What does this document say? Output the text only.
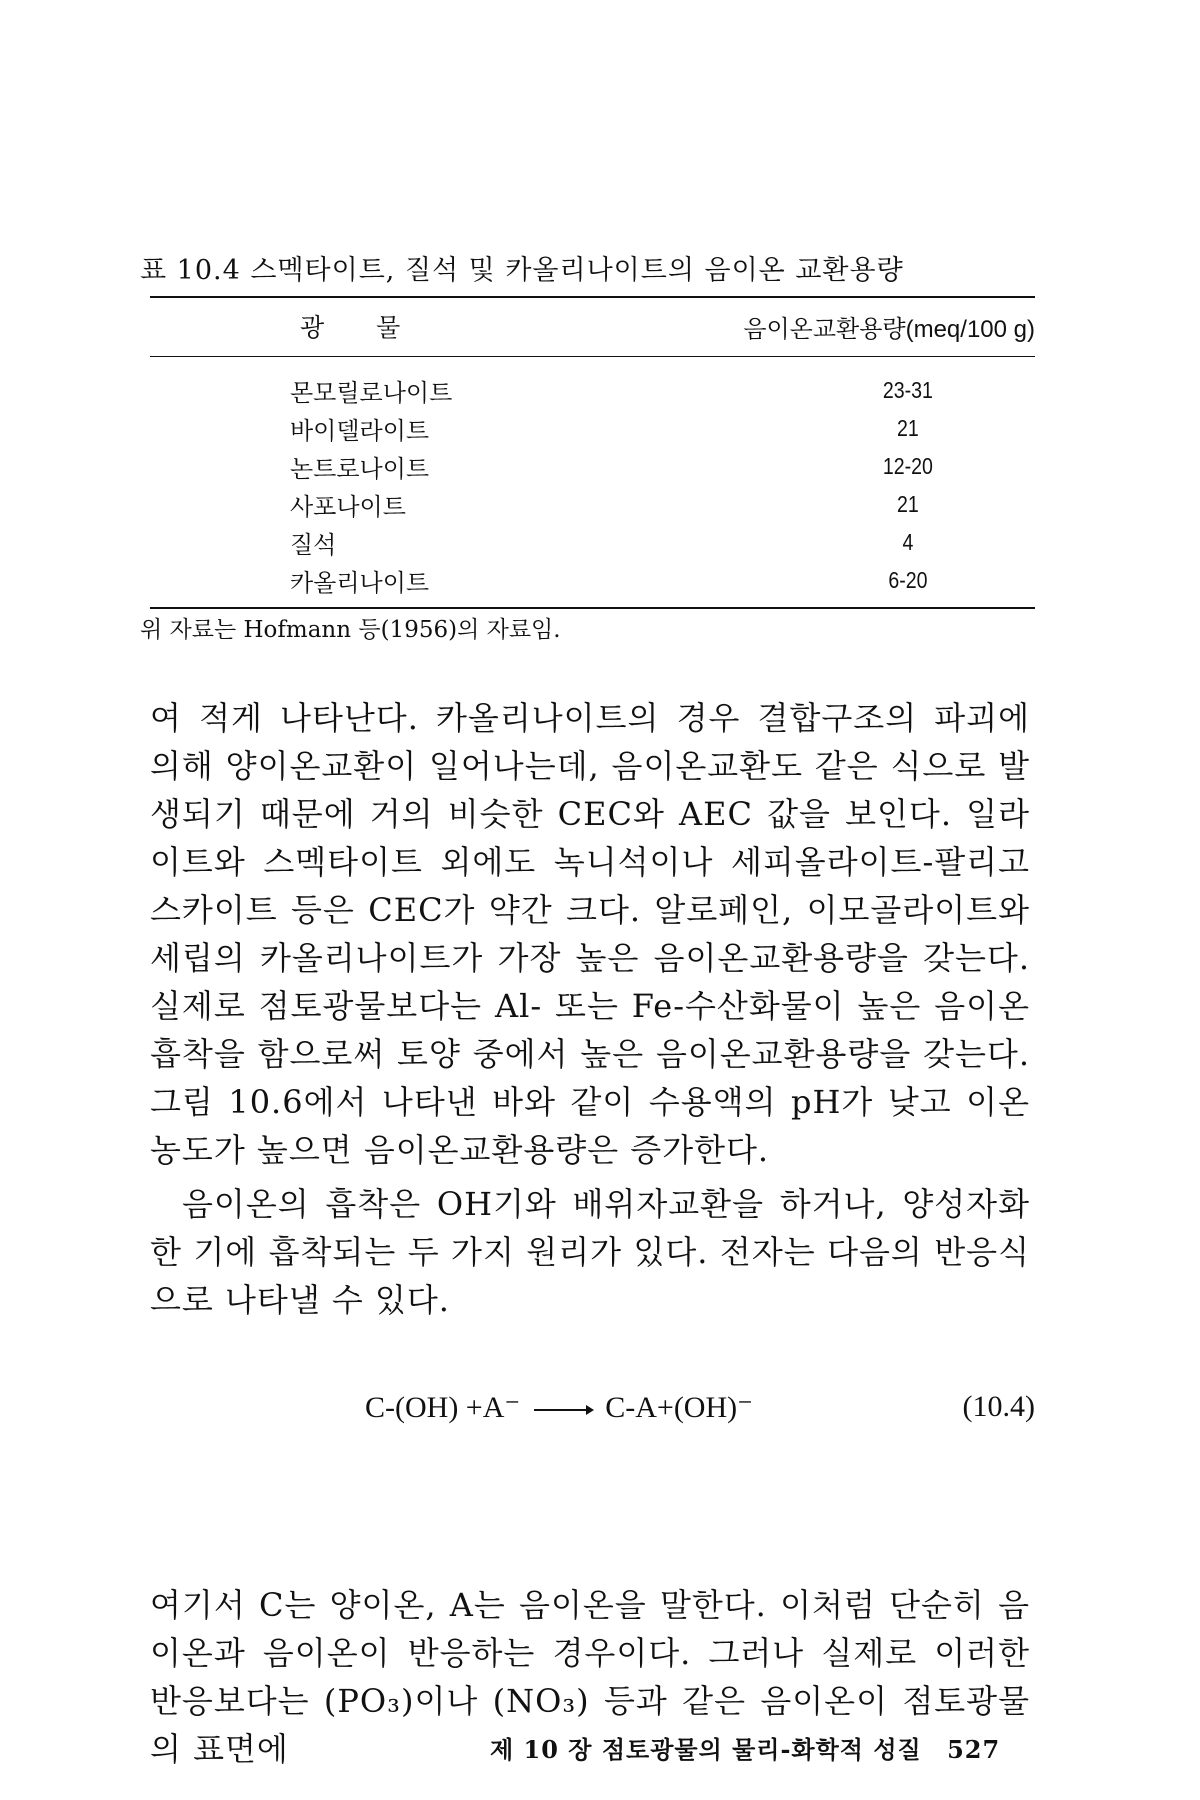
표 10.4 스멕타이트, 질석 및 카올리나이트의 음이온 교환용량
광 물	음이온교환용량(meq/100 g)
몬모릴로나이트	23-31
바이델라이트	21
논트로나이트	12-20
사포나이트	21
질석	4
카올리나이트	6-20
위 자료는 Hofmann 등(1956)의 자료임.

여 적게 나타난다. 카올리나이트의 경우 결합구조의 파괴에 의해 양이온교환이 일어나는데, 음이온교환도 같은 식으로 발생되기 때문에 거의 비슷한 CEC와 AEC 값을 보인다. 일라이트와 스멕타이트 외에도 녹니석이나 세피올라이트-팔리고스카이트 등은 CEC가 약간 크다. 알로페인, 이모골라이트와 세립의 카올리나이트가 가장 높은 음이온교환용량을 갖는다. 실제로 점토광물보다는 Al- 또는 Fe-수산화물이 높은 음이온흡착을 함으로써 토양 중에서 높은 음이온교환용량을 갖는다. 그림 10.6에서 나타낸 바와 같이 수용액의 pH가 낮고 이온농도가 높으면 음이온교환용량은 증가한다.

음이온의 흡착은 OH기와 배위자교환을 하거나, 양성자화한 기에 흡착되는 두 가지 원리가 있다. 전자는 다음의 반응식으로 나타낼 수 있다.

C-(OH) +A⁻ → C-A+(OH)⁻	(10.4)

여기서 C는 양이온, A는 음이온을 말한다. 이처럼 단순히 음이온과 음이온이 반응하는 경우이다. 그러나 실제로 이러한 반응보다는 (PO₃)이나 (NO₃) 등과 같은 음이온이 점토광물의 표면에	제 10 장 점토광물의 물리-화학적 성질 527
